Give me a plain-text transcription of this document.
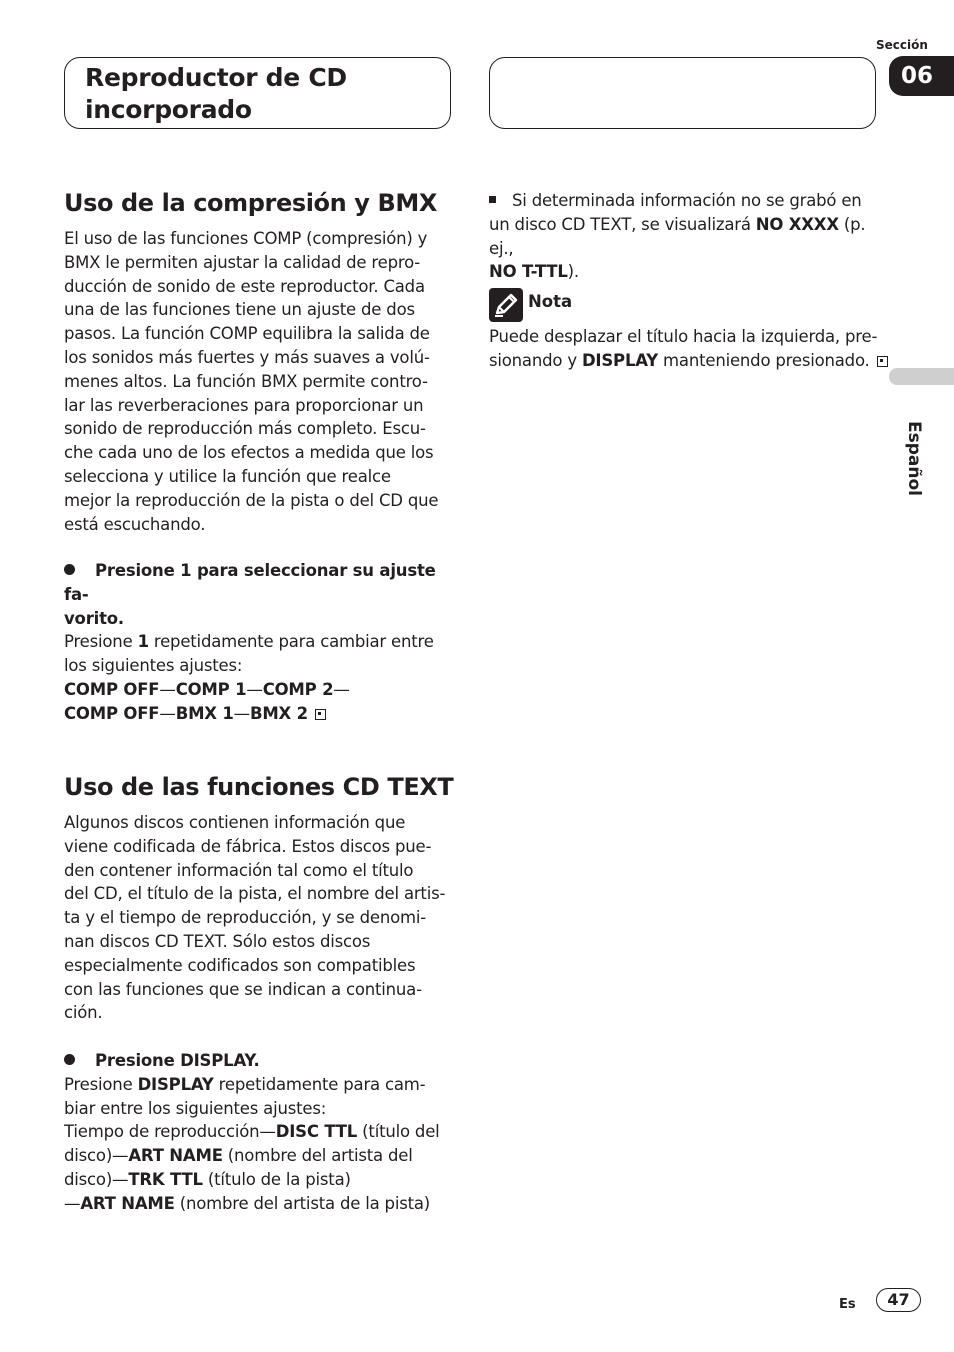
Reproductor de CD
incorporado
Sección
06
Español
Uso de la compresión y BMX
El uso de las funciones COMP (compresión) y
BMX le permiten ajustar la calidad de repro-
ducción de sonido de este reproductor. Cada
una de las funciones tiene un ajuste de dos
pasos. La función COMP equilibra la salida de
los sonidos más fuertes y más suaves a volú-
menes altos. La función BMX permite contro-
lar las reverberaciones para proporcionar un
sonido de reproducción más completo. Escu-
che cada uno de los efectos a medida que los
selecciona y utilice la función que realce
mejor la reproducción de la pista o del CD que
está escuchando.
Presione 1 para seleccionar su ajuste fa-
vorito.
Presione 1 repetidamente para cambiar entre
los siguientes ajustes:
COMP OFF—COMP 1—COMP 2—
COMP OFF—BMX 1—BMX 2
Uso de las funciones CD TEXT
Algunos discos contienen información que
viene codificada de fábrica. Estos discos pue-
den contener información tal como el título
del CD, el título de la pista, el nombre del artis-
ta y el tiempo de reproducción, y se denomi-
nan discos CD TEXT. Sólo estos discos
especialmente codificados son compatibles
con las funciones que se indican a continua-
ción.
Presione DISPLAY.
Presione DISPLAY repetidamente para cam-
biar entre los siguientes ajustes:
Tiempo de reproducción—DISC TTL (título del
disco)—ART NAME (nombre del artista del
disco)—TRK TTL (título de la pista)
—ART NAME (nombre del artista de la pista)
Si determinada información no se grabó en
un disco CD TEXT, se visualizará NO XXXX (p. ej.,
NO T-TTL).
Nota
Puede desplazar el título hacia la izquierda, pre-
sionando y DISPLAY manteniendo presionado.
Es	47
